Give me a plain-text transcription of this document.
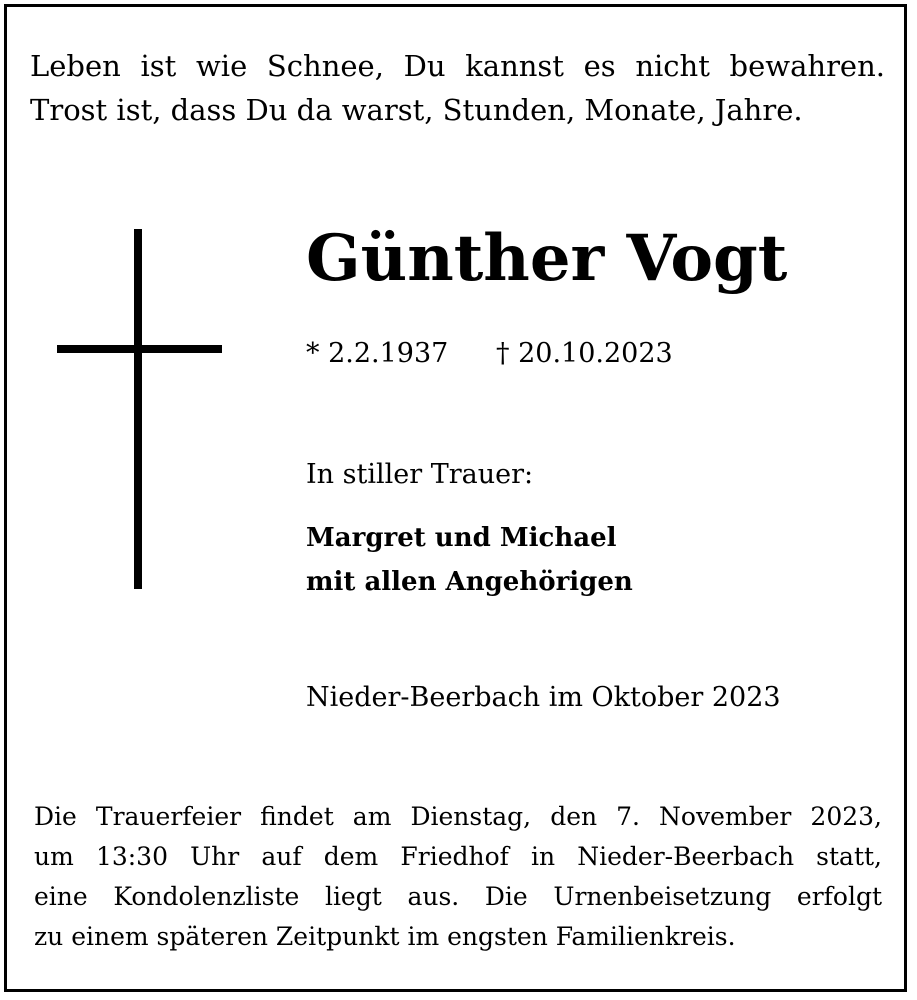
Leben ist wie Schnee, Du kannst es nicht bewahren.
Trost ist, dass Du da warst, Stunden, Monate, Jahre.
Günther Vogt
* 2.2.1937 † 20.10.2023
In stiller Trauer:
Margret und Michael
mit allen Angehörigen
Nieder-Beerbach im Oktober 2023
Die Trauerfeier findet am Dienstag, den 7. November 2023,
um 13:30 Uhr auf dem Friedhof in Nieder-Beerbach statt,
eine Kondolenzliste liegt aus. Die Urnenbeisetzung erfolgt
zu einem späteren Zeitpunkt im engsten Familienkreis.
